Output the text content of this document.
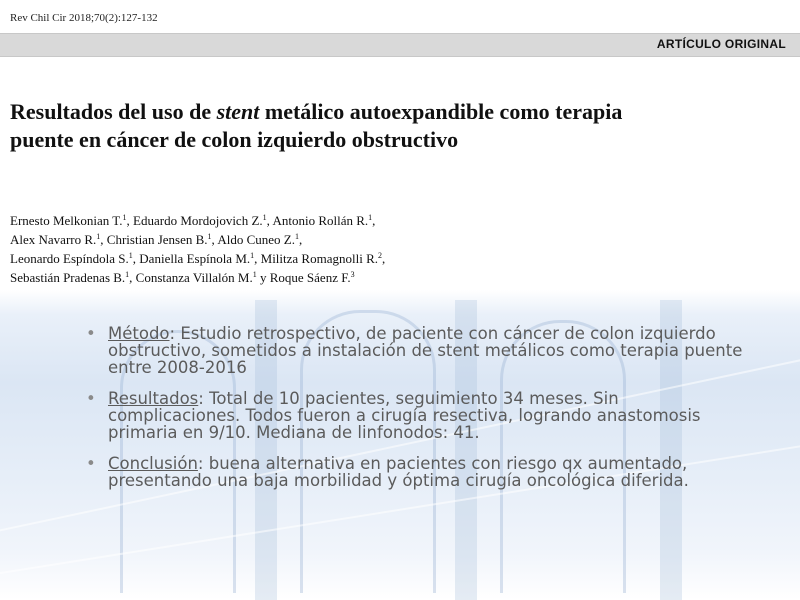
Rev Chil Cir 2018;70(2):127-132
ARTÍCULO ORIGINAL
Resultados del uso de stent metálico autoexpandible como terapia puente en cáncer de colon izquierdo obstructivo
Ernesto Melkonian T.$^1$, Eduardo Mordojovich Z.$^1$, Antonio Rollán R.$^1$,
Alex Navarro R.$^1$, Christian Jensen B.$^1$, Aldo Cuneo Z.$^1$,
Leonardo Espíndola S.$^1$, Daniella Espínola M.$^1$, Militza Romagnolli R.$^2$,
Sebastián Pradenas B.$^1$, Constanza Villalón M.$^1$ y Roque Sáenz F.$^3$
• Método: Estudio retrospectivo, de paciente con cáncer de colon izquierdo obstructivo, sometidos a instalación de stent metálicos como terapia puente entre 2008-2016
• Resultados: Total de 10 pacientes, seguimiento 34 meses. Sin complicaciones. Todos fueron a cirugía resectiva, logrando anastomosis primaria en 9/10. Mediana de linfonodos: 41.
• Conclusión: buena alternativa en pacientes con riesgo qx aumentado, presentando una baja morbilidad y óptima cirugía oncológica diferida.
